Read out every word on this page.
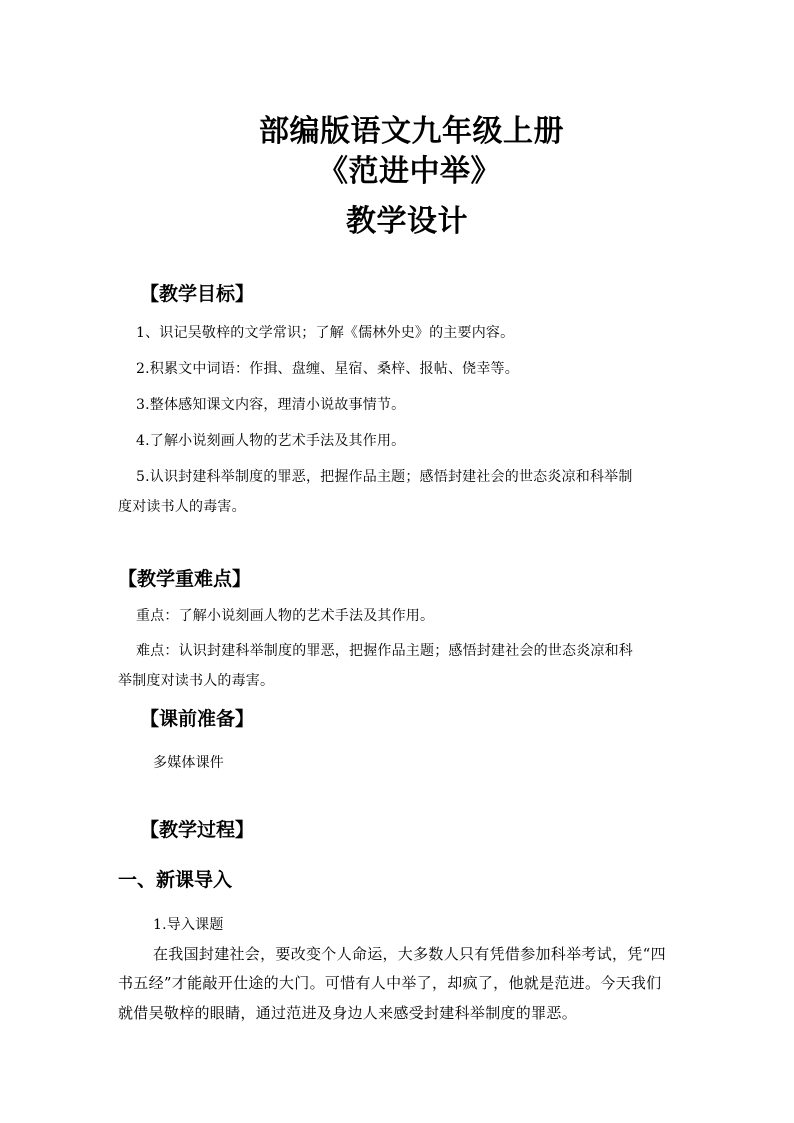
部编版语文九年级上册
《范进中举》
教学设计
【教学目标】
1、识记吴敬梓的文学常识；了解《儒林外史》的主要内容。
2.积累文中词语：作揖、盘缠、星宿、桑梓、报帖、侥幸等。
3.整体感知课文内容，理清小说故事情节。
4.了解小说刻画人物的艺术手法及其作用。
5.认识封建科举制度的罪恶，把握作品主题；感悟封建社会的世态炎凉和科举制
度对读书人的毒害。
【教学重难点】
重点：了解小说刻画人物的艺术手法及其作用。
难点：认识封建科举制度的罪恶，把握作品主题；感悟封建社会的世态炎凉和科
举制度对读书人的毒害。
【课前准备】
多媒体课件
【教学过程】
一、新课导入
1.导入课题
在我国封建社会，要改变个人命运，大多数人只有凭借参加科举考试，凭“四
书五经”才能敲开仕途的大门。可惜有人中举了，却疯了，他就是范进。今天我们
就借吴敬梓的眼睛，通过范进及身边人来感受封建科举制度的罪恶。
